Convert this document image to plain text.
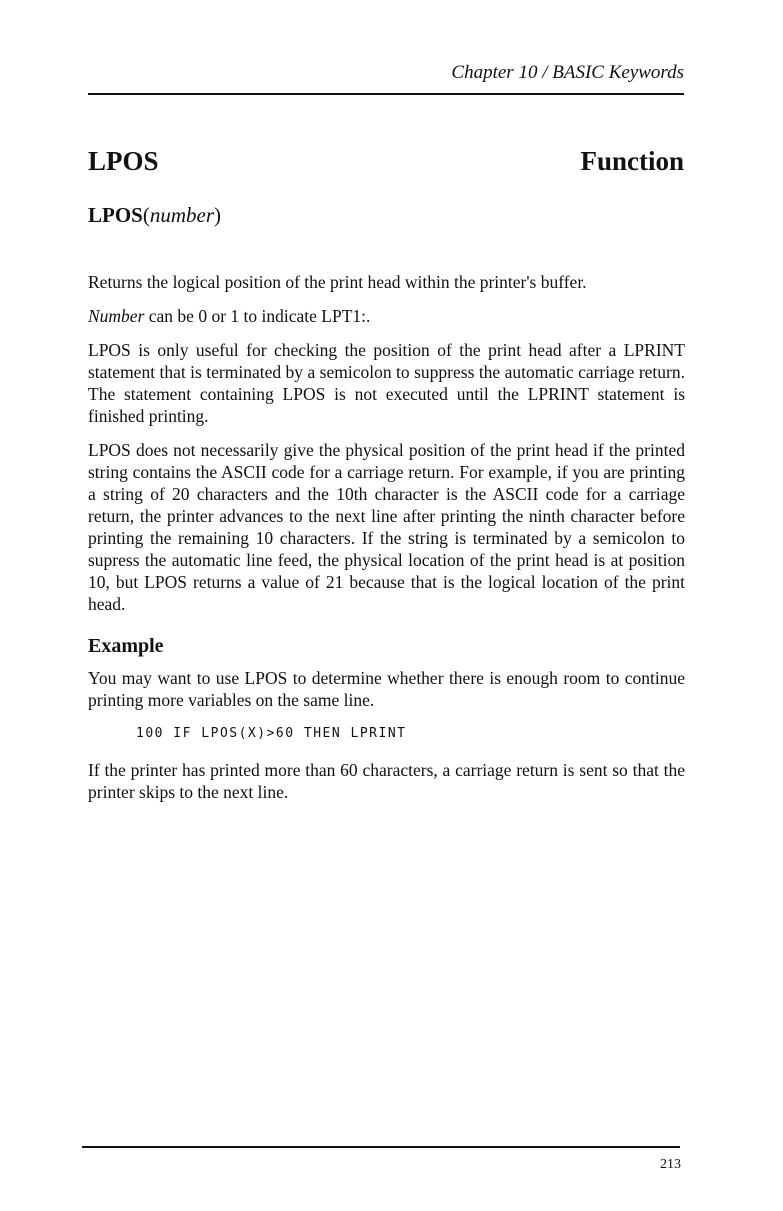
Chapter 10 / BASIC Keywords
LPOS	Function
LPOS(number)

Returns the logical position of the print head within the printer's buffer.

Number can be 0 or 1 to indicate LPT1:.

LPOS is only useful for checking the position of the print head after a LPRINT statement that is terminated by a semicolon to suppress the automatic carriage return. The statement containing LPOS is not executed until the LPRINT statement is finished printing.

LPOS does not necessarily give the physical position of the print head if the printed string contains the ASCII code for a carriage return. For example, if you are printing a string of 20 characters and the 10th character is the ASCII code for a carriage return, the printer advances to the next line after printing the ninth character before printing the remaining 10 characters. If the string is terminated by a semicolon to supress the automatic line feed, the physical location of the print head is at position 10, but LPOS returns a value of 21 because that is the logical location of the print head.

Example

You may want to use LPOS to determine whether there is enough room to continue printing more variables on the same line.

100 IF LPOS(X)>60 THEN LPRINT

If the printer has printed more than 60 characters, a carriage return is sent so that the printer skips to the next line.

213
